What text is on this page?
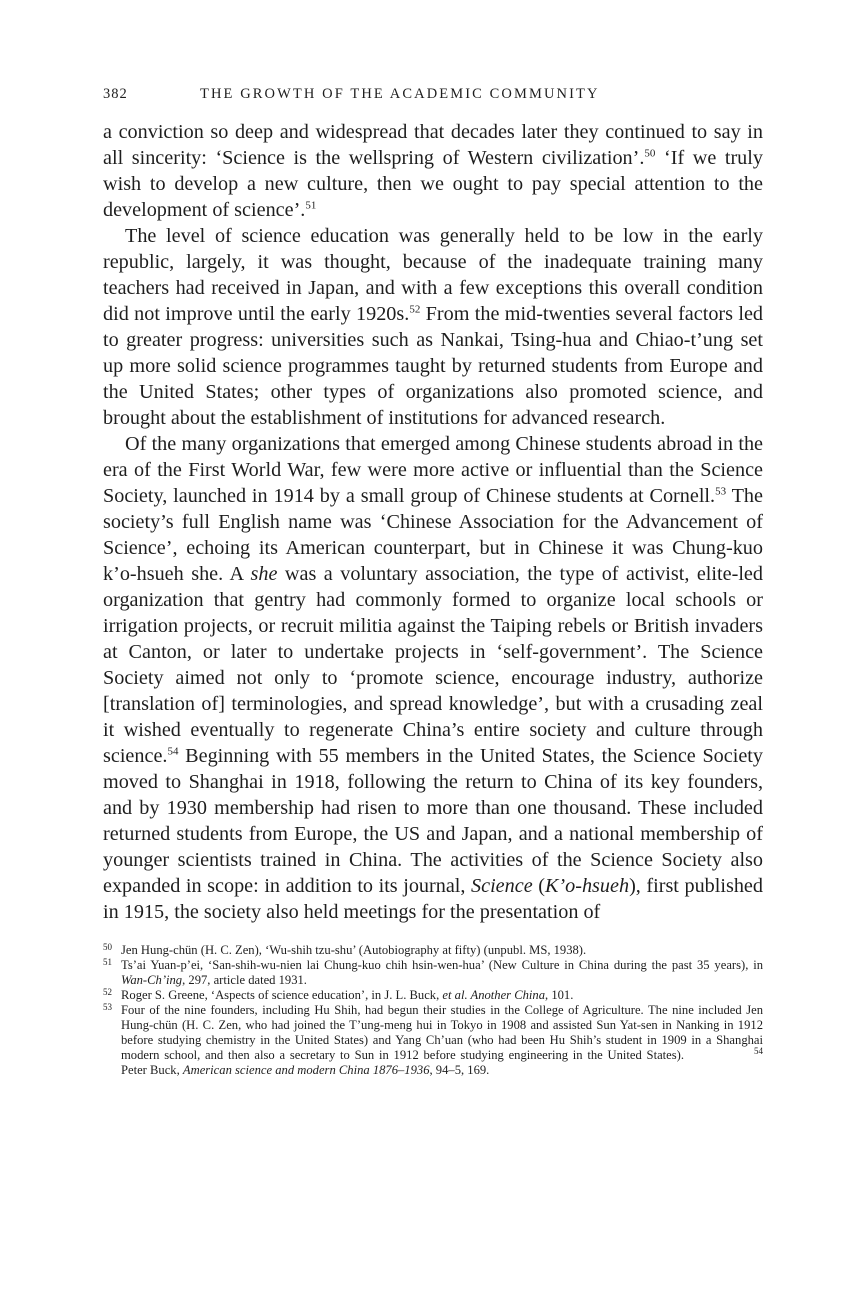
382	THE GROWTH OF THE ACADEMIC COMMUNITY

a conviction so deep and widespread that decades later they continued to say in all sincerity: ‘Science is the wellspring of Western civilization’.$^{50}$ ‘If we truly wish to develop a new culture, then we ought to pay special attention to the development of science’.$^{51}$

The level of science education was generally held to be low in the early republic, largely, it was thought, because of the inadequate training many teachers had received in Japan, and with a few exceptions this overall condition did not improve until the early 1920s.$^{52}$ From the mid-twenties several factors led to greater progress: universities such as Nankai, Tsing-hua and Chiao-t’ung set up more solid science programmes taught by returned students from Europe and the United States; other types of organizations also promoted science, and brought about the establishment of institutions for advanced research.

Of the many organizations that emerged among Chinese students abroad in the era of the First World War, few were more active or influential than the Science Society, launched in 1914 by a small group of Chinese students at Cornell.$^{53}$ The society’s full English name was ‘Chinese Association for the Advancement of Science’, echoing its American counterpart, but in Chinese it was Chung-kuo k’o-hsueh she. A she was a voluntary association, the type of activist, elite-led organization that gentry had commonly formed to organize local schools or irrigation projects, or recruit militia against the Taiping rebels or British invaders at Canton, or later to undertake projects in ‘self-government’. The Science Society aimed not only to ‘promote science, encourage industry, authorize [translation of] terminologies, and spread knowledge’, but with a crusading zeal it wished eventually to regenerate China’s entire society and culture through science.$^{54}$ Beginning with 55 members in the United States, the Science Society moved to Shanghai in 1918, following the return to China of its key founders, and by 1930 membership had risen to more than one thousand. These included returned students from Europe, the US and Japan, and a national membership of younger scientists trained in China. The activities of the Science Society also expanded in scope: in addition to its journal, Science (K’o-hsueh), first published in 1915, the society also held meetings for the presentation of

50 Jen Hung-chün (H. C. Zen), ‘Wu-shih tzu-shu’ (Autobiography at fifty) (unpubl. MS, 1938).
51 Ts’ai Yuan-p’ei, ‘San-shih-wu-nien lai Chung-kuo chih hsin-wen-hua’ (New Culture in China during the past 35 years), in Wan-Ch’ing, 297, article dated 1931.
52 Roger S. Greene, ‘Aspects of science education’, in J. L. Buck, et al. Another China, 101.
53 Four of the nine founders, including Hu Shih, had begun their studies in the College of Agriculture. The nine included Jen Hung-chün (H. C. Zen, who had joined the T’ung-meng hui in Tokyo in 1908 and assisted Sun Yat-sen in Nanking in 1912 before studying chemistry in the United States) and Yang Ch’uan (who had been Hu Shih’s student in 1909 in a Shanghai modern school, and then also a secretary to Sun in 1912 before studying engineering in the United States).	$^{54}$ Peter Buck, American science and modern China 1876–1936, 94–5, 169.
